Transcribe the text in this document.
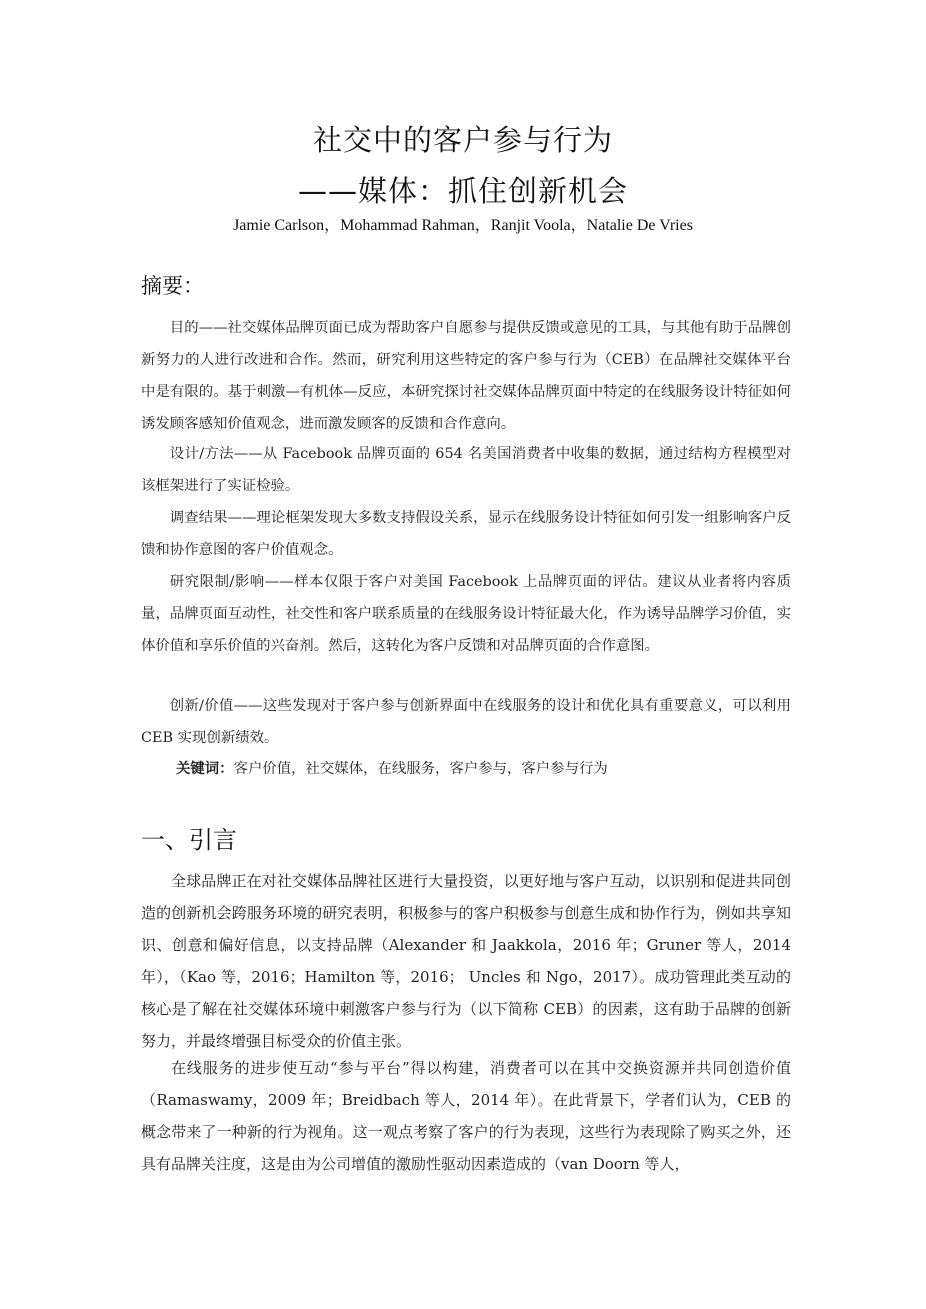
社交中的客户参与行为
——媒体：抓住创新机会

Jamie Carlson，Mohammad Rahman，Ranjit Voola，Natalie De Vries

摘要：

目的——社交媒体品牌页面已成为帮助客户自愿参与提供反馈或意见的工具，与其他有助于品牌创新努力的人进行改进和合作。然而，研究利用这些特定的客户参与行为（CEB）在品牌社交媒体平台中是有限的。基于刺激—有机体—反应，本研究探讨社交媒体品牌页面中特定的在线服务设计特征如何诱发顾客感知价值观念，进而激发顾客的反馈和合作意向。

设计/方法——从 Facebook 品牌页面的 654 名美国消费者中收集的数据，通过结构方程模型对该框架进行了实证检验。

调查结果——理论框架发现大多数支持假设关系，显示在线服务设计特征如何引发一组影响客户反馈和协作意图的客户价值观念。

研究限制/影响——样本仅限于客户对美国 Facebook 上品牌页面的评估。建议从业者将内容质量，品牌页面互动性，社交性和客户联系质量的在线服务设计特征最大化，作为诱导品牌学习价值，实体价值和享乐价值的兴奋剂。然后，这转化为客户反馈和对品牌页面的合作意图。

创新/价值——这些发现对于客户参与创新界面中在线服务的设计和优化具有重要意义，可以利用 CEB 实现创新绩效。

关键词：客户价值，社交媒体，在线服务，客户参与，客户参与行为

一、引言

全球品牌正在对社交媒体品牌社区进行大量投资，以更好地与客户互动，以识别和促进共同创造的创新机会跨服务环境的研究表明，积极参与的客户积极参与创意生成和协作行为，例如共享知识、创意和偏好信息，以支持品牌（Alexander 和 Jaakkola，2016 年；Gruner 等人，2014 年），（Kao 等，2016；Hamilton 等，2016； Uncles 和 Ngo，2017）。成功管理此类互动的核心是了解在社交媒体环境中刺激客户参与行为（以下简称 CEB）的因素，这有助于品牌的创新努力，并最终增强目标受众的价值主张。

在线服务的进步使互动“参与平台”得以构建，消费者可以在其中交换资源并共同创造价值（Ramaswamy，2009 年；Breidbach 等人，2014 年）。在此背景下，学者们认为，CEB 的概念带来了一种新的行为视角。这一观点考察了客户的行为表现，这些行为表现除了购买之外，还具有品牌关注度，这是由为公司增值的激励性驱动因素造成的（van Doorn 等人，
